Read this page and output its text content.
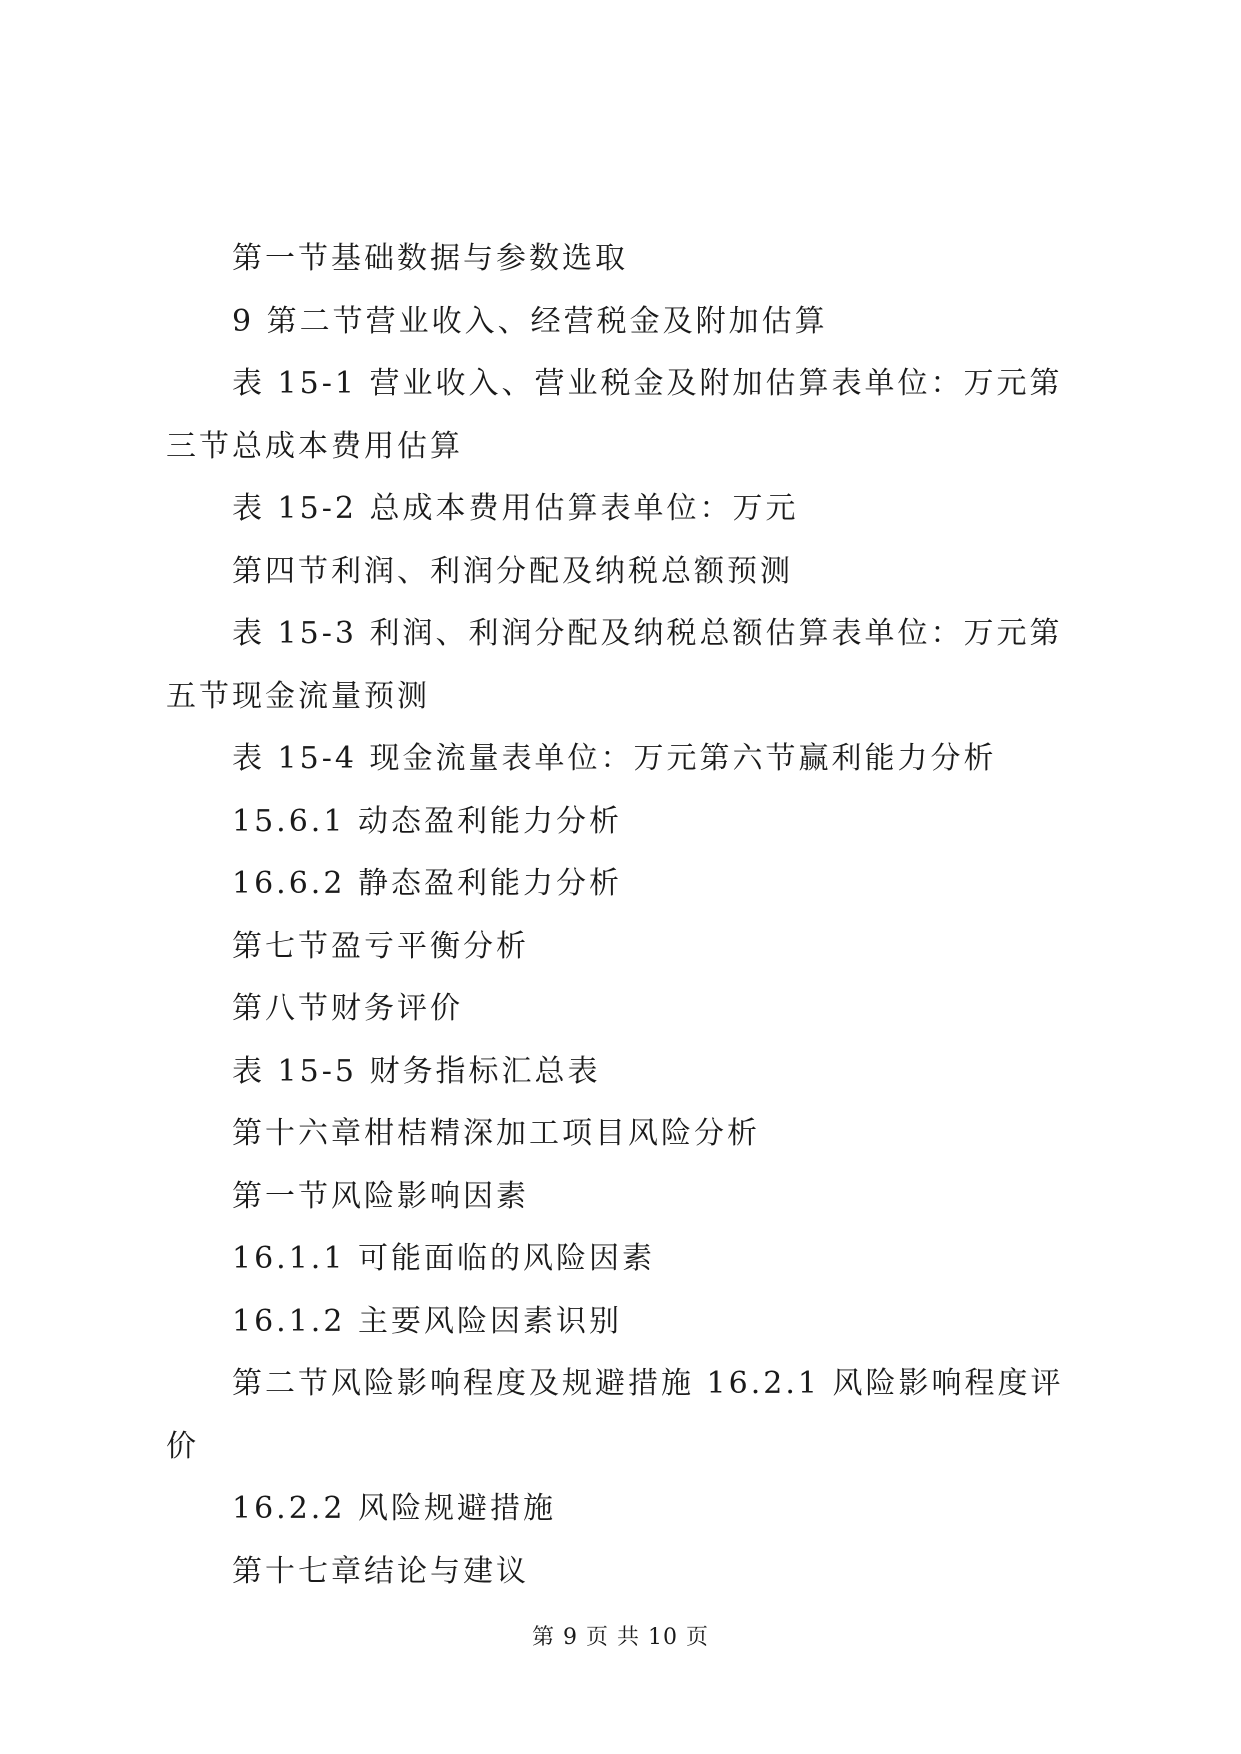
第一节基础数据与参数选取

9 第二节营业收入、经营税金及附加估算

表 15-1 营业收入、营业税金及附加估算表单位：万元第三节总成本费用估算

表 15-2 总成本费用估算表单位：万元

第四节利润、利润分配及纳税总额预测

表 15-3 利润、利润分配及纳税总额估算表单位：万元第五节现金流量预测

表 15-4 现金流量表单位：万元第六节赢利能力分析

15.6.1 动态盈利能力分析

16.6.2 静态盈利能力分析

第七节盈亏平衡分析

第八节财务评价

表 15-5 财务指标汇总表

第十六章柑桔精深加工项目风险分析

第一节风险影响因素

16.1.1 可能面临的风险因素

16.1.2 主要风险因素识别

第二节风险影响程度及规避措施 16.2.1 风险影响程度评价

16.2.2 风险规避措施

第十七章结论与建议

第 9 页 共 10 页
